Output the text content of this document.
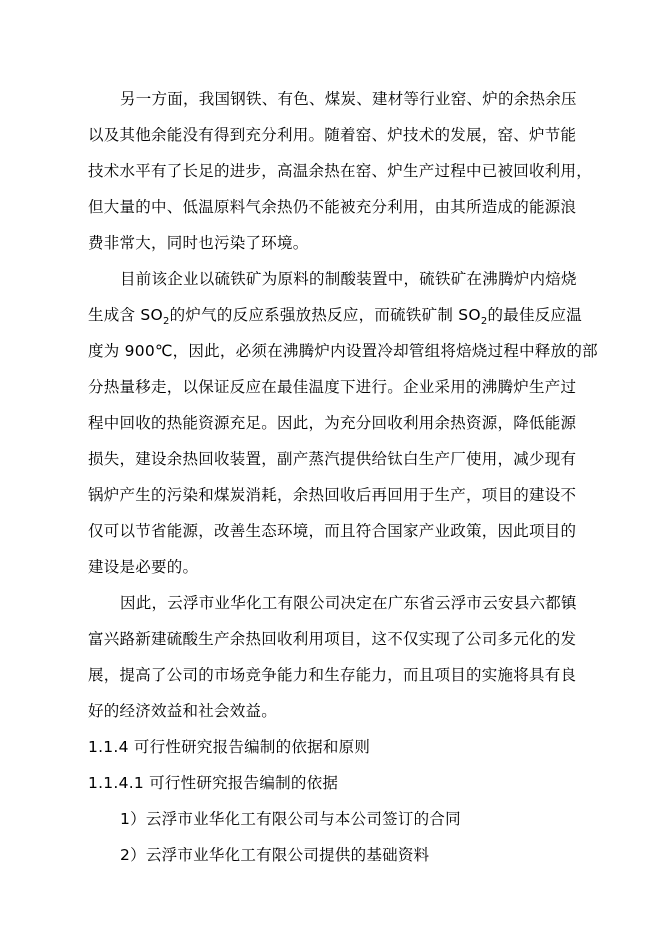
另一方面，我国钢铁、有色、煤炭、建材等行业窑、炉的余热余压
以及其他余能没有得到充分利用。随着窑、炉技术的发展，窑、炉节能
技术水平有了长足的进步，高温余热在窑、炉生产过程中已被回收利用，
但大量的中、低温原料气余热仍不能被充分利用，由其所造成的能源浪
费非常大，同时也污染了环境。
目前该企业以硫铁矿为原料的制酸装置中，硫铁矿在沸腾炉内焙烧
生成含 $SO_2$的炉气的反应系强放热反应，而硫铁矿制 $SO_2$的最佳反应温
度为 900℃，因此，必须在沸腾炉内设置冷却管组将焙烧过程中释放的部
分热量移走，以保证反应在最佳温度下进行。企业采用的沸腾炉生产过
程中回收的热能资源充足。因此，为充分回收利用余热资源，降低能源
损失，建设余热回收装置，副产蒸汽提供给钛白生产厂使用，减少现有
锅炉产生的污染和煤炭消耗，余热回收后再回用于生产，项目的建设不
仅可以节省能源，改善生态环境，而且符合国家产业政策，因此项目的
建设是必要的。
因此，云浮市业华化工有限公司决定在广东省云浮市云安县六都镇
富兴路新建硫酸生产余热回收利用项目，这不仅实现了公司多元化的发
展，提高了公司的市场竞争能力和生存能力，而且项目的实施将具有良
好的经济效益和社会效益。
1.1.4 可行性研究报告编制的依据和原则
1.1.4.1 可行性研究报告编制的依据
1）云浮市业华化工有限公司与本公司签订的合同
2）云浮市业华化工有限公司提供的基础资料
